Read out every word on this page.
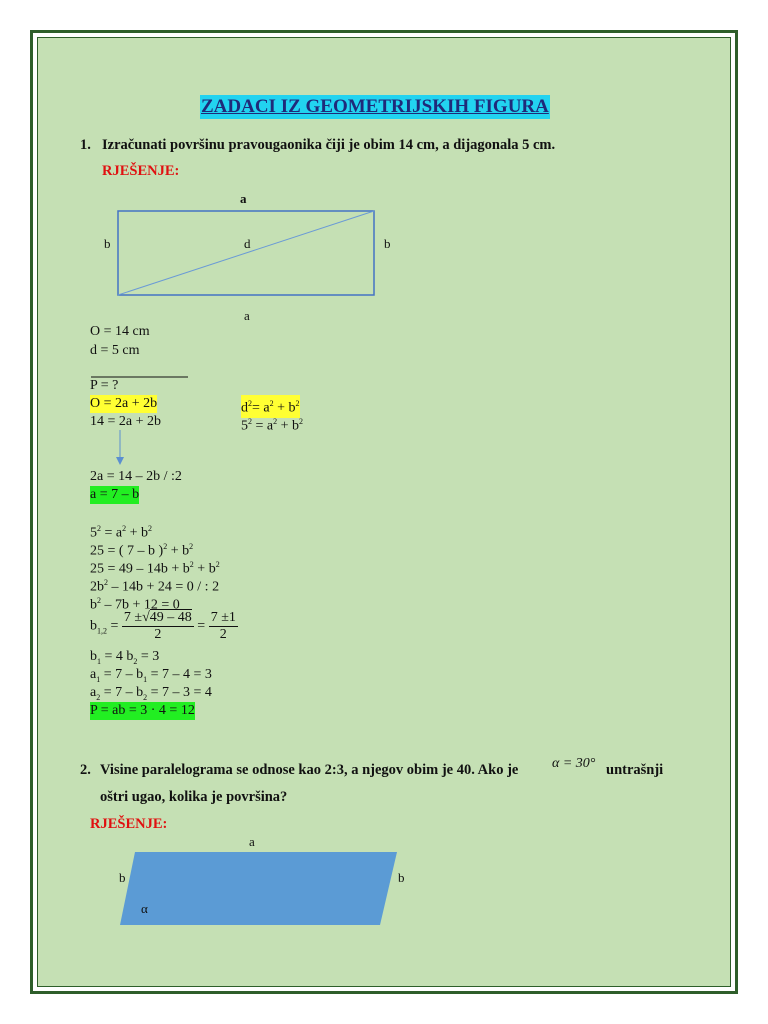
ZADACI IZ GEOMETRIJSKIH FIGURA
1. Izračunati površinu pravougaonika čiji je obim 14 cm, a dijagonala 5 cm.
RJEŠENJE:
a
b	d	b
a
O = 14 cm
d = 5 cm
P = ?
O = 2a + 2b
14 = 2a + 2b
$d^2= a^2 + b^2$
$5^2 = a^2 + b^2$
2a = 14 – 2b / :2
a = 7 – b
$5^2 = a^2 + b^2$
25 = ( 7 – b )$^2 + b^2$
$25 = 49 - 14b + b^2 + b^2$
$2b^2 - 14b + 24 = 0$ / : 2
$b^2 - 7b + 12 = 0$
$b_{1,2} = \frac{7 \pm√49 - 48}{2} = \frac{7 \pm 1}{2}$
$b_1 = 4$ $b_2 = 3$
$a_1 = 7 - b_1 = 7 - 4 = 3$
$a_2 = 7 - b_2 = 7 - 3 = 4$
P = ab = 3 · 4 = 12
2. Visine paralelograma se odnose kao 2:3, a njegov obim je 40. Ako je α = 30° untrašnji
oštri ugao, kolika je površina?
RJEŠENJE:
a
b	b
α
